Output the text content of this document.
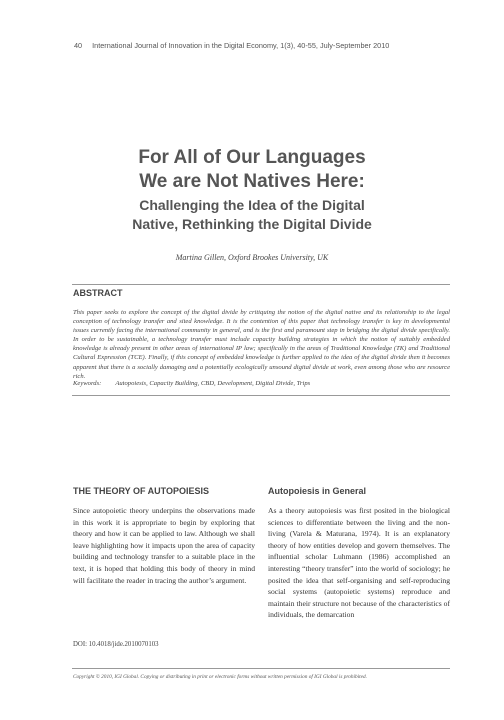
40 International Journal of Innovation in the Digital Economy, 1(3), 40-55, July-September 2010
For All of Our Languages
We are Not Natives Here:
Challenging the Idea of the Digital
Native, Rethinking the Digital Divide
Martina Gillen, Oxford Brookes University, UK
ABSTRACT
This paper seeks to explore the concept of the digital divide by critiquing the notion of the digital native and its relationship to the legal conception of technology transfer and sited knowledge. It is the contention of this paper that technology transfer is key in developmental issues currently facing the international community in general, and is the first and paramount step in bridging the digital divide specifically. In order to be sustainable, a technology transfer must include capacity building strategies in which the notion of suitably embedded knowledge is already present in other areas of international IP law; specifically in the areas of Traditional Knowledge (TK) and Traditional Cultural Expression (TCE). Finally, if this concept of embedded knowledge is further applied to the idea of the digital divide then it becomes apparent that there is a socially damaging and a potentially ecologically unsound digital divide at work, even among those who are resource rich.
Keywords: Autopoiesis, Capacity Building, CBD, Development, Digital Divide, Trips
THE THEORY OF AUTOPOIESIS

Since autopoietic theory underpins the observations made in this work it is appropriate to begin by exploring that theory and how it can be applied to law. Although we shall leave highlighting how it impacts upon the area of capacity building and technology transfer to a suitable place in the text, it is hoped that holding this body of theory in mind will facilitate the reader in tracing the author’s argument.

Autopoiesis in General

As a theory autopoiesis was first posited in the biological sciences to differentiate between the living and the non-living (Varela & Maturana, 1974). It is an explanatory theory of how entities develop and govern themselves. The influential scholar Luhmann (1986) accomplished an interesting “theory transfer” into the world of sociology; he posited the idea that self-organising and self-reproducing social systems (autopoietic systems) reproduce and maintain their structure not because of the characteristics of individuals, the demarcation

DOI: 10.4018/jide.2010070103
Copyright © 2010, IGI Global. Copying or distributing in print or electronic forms without written permission of IGI Global is prohibited.
